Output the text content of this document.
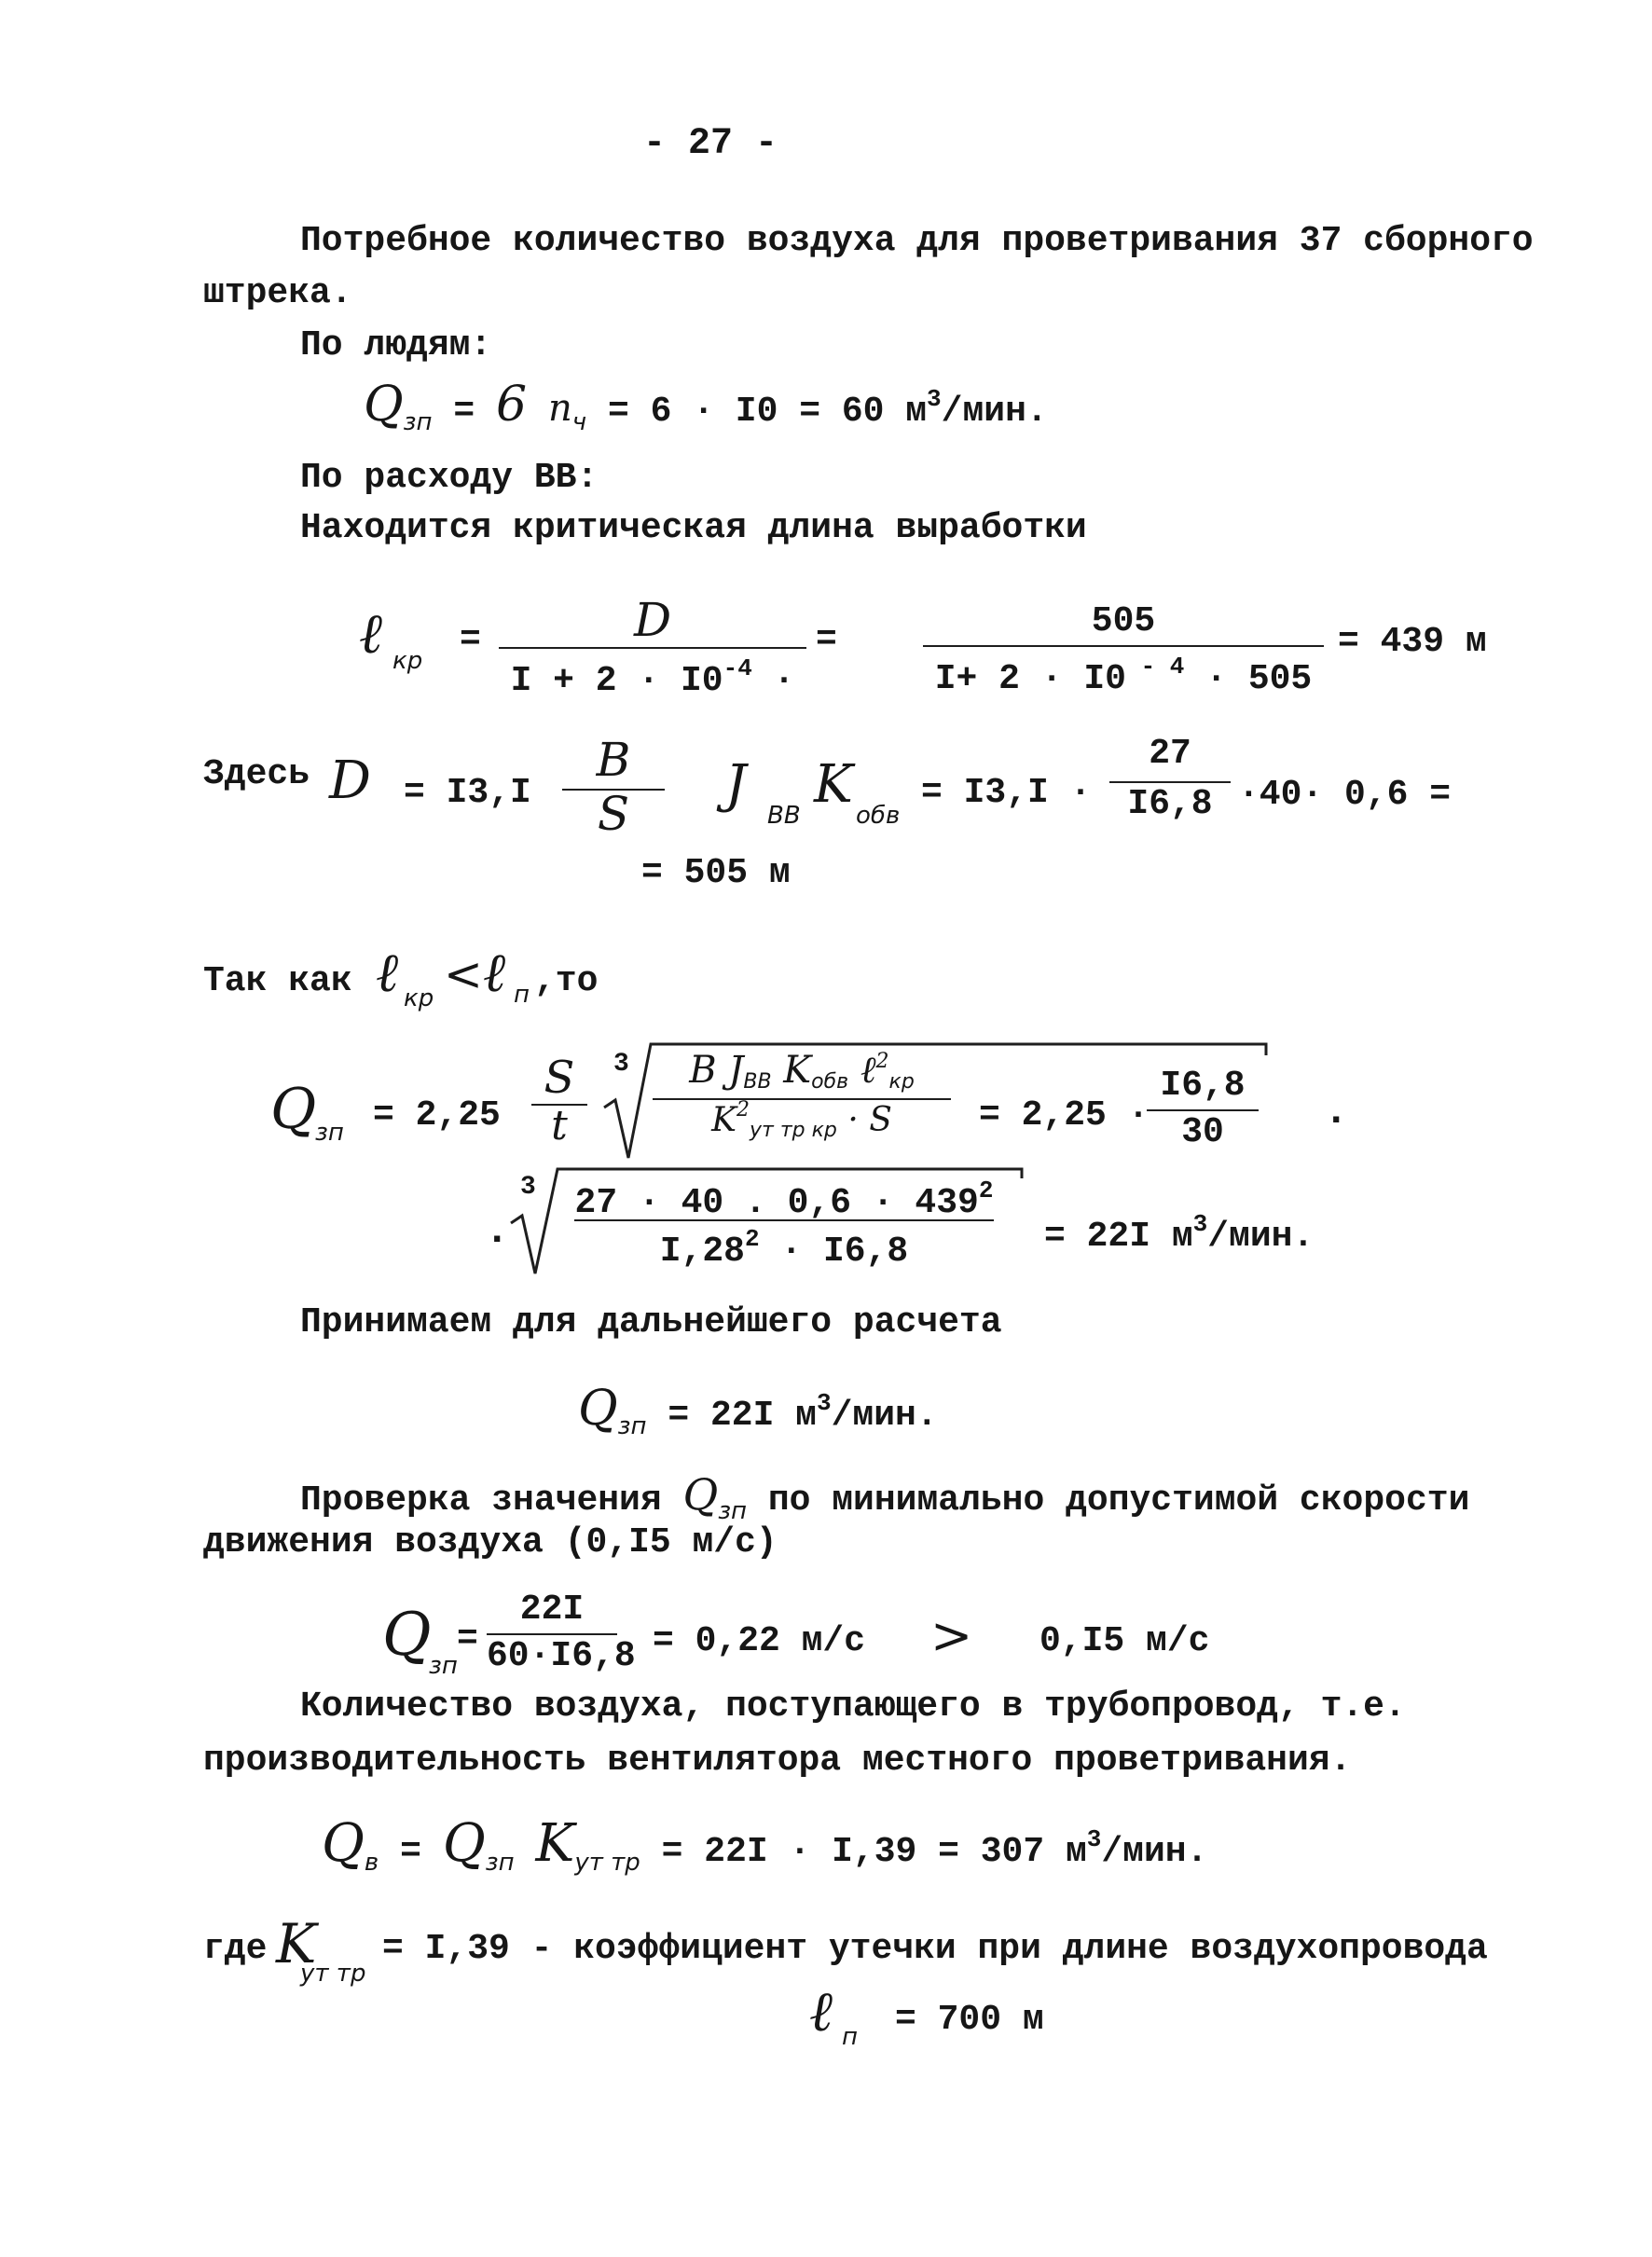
- 27 -
Потребное количество воздуха для проветривания 37 сборного
штрека.
По людям:
$Q_{зп} = 6$ $n_ч = 6 \cdot I0 = 60$ $м^3$/мин.
По расходу ВВ:
Находится критическая длина выработки
ℓ кр
=	D
$I + 2 \cdot I0^{-4}$ ·
=	505
I+ 2 · I0 $^{- 4}$ · 505
= 439 м
Здесь D = I3,I
B
S	J
ВВ
K
обв
= I3,I ·
27
I6,8 ·40· 0,6 =
= 505 м
Так как ℓ кр < ℓ п ,то
Q
зп = 2,25
S
t
3	B $J_{ВВ}$ $K_{обв}$ ℓ$^2_{кр}$
$K^2_{ут тр кр} \cdot S$	= 2,25 ·
I6,8
30	·
·
3 27 · 40 . $0,6 \cdot 439^2$
$I,28^2 \cdot I6,8$	= 22I $м^3$/мин.
Принимаем для дальнейшего расчета
$Q_{зп} = 22I$ $м^3$/мин.
Проверка значения $Q_{зп}$ по минимально допустимой скорости
движения воздуха (0,I5 м/с)
Q
зп
=
22I
60·I6,8 = 0,22 м/с > 0,I5 м/с
Количество воздуха, поступающего в трубопровод, т.е.
производительность вентилятора местного проветривания.
$Q_в = Q_{зп}$ $K_{ут тр} = 22I \cdot I,39 = 307$ $м^3$/мин.
где K
ут тр
= I,39 - коэффициент утечки при длине воздухопровода
ℓ п = 700 м
